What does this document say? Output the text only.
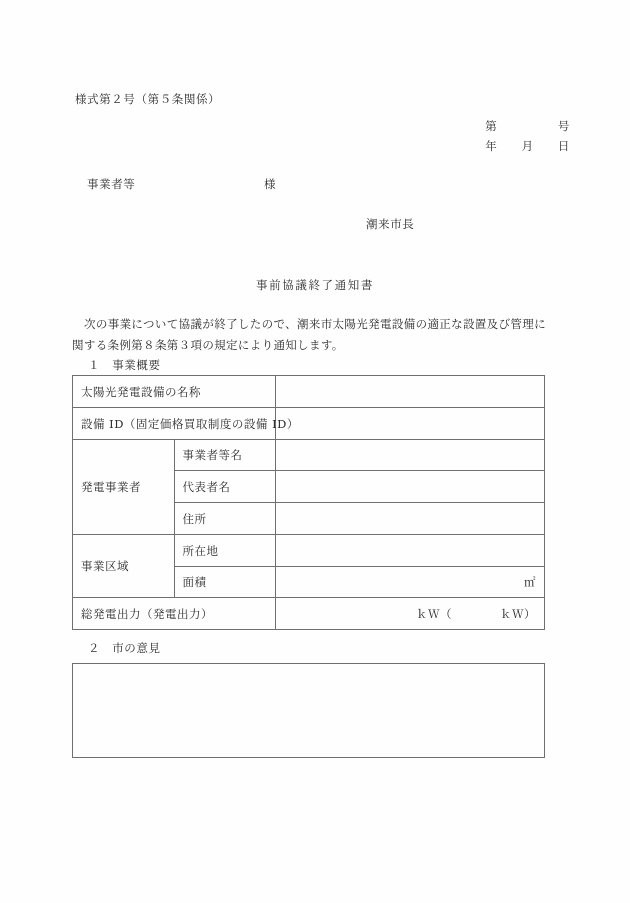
様式第２号（第５条関係）
第　　　　　号
年　　月　　日
事業者等	様
潮来市長
事前協議終了通知書
次の事業について協議が終了したので、潮来市太陽光発電設備の適正な設置及び管理に関する条例第８条第３項の規定により通知します。
１　事業概要
太陽光発電設備の名称		
設備 ID（固定価格買取制度の設備 ID）		
発電事業者	事業者等名	
	代表者名	
	住所	
事業区域	所在地	
	面積	㎡
総発電出力（発電出力）		ｋＷ（　　　　ｋＷ）
２　市の意見
